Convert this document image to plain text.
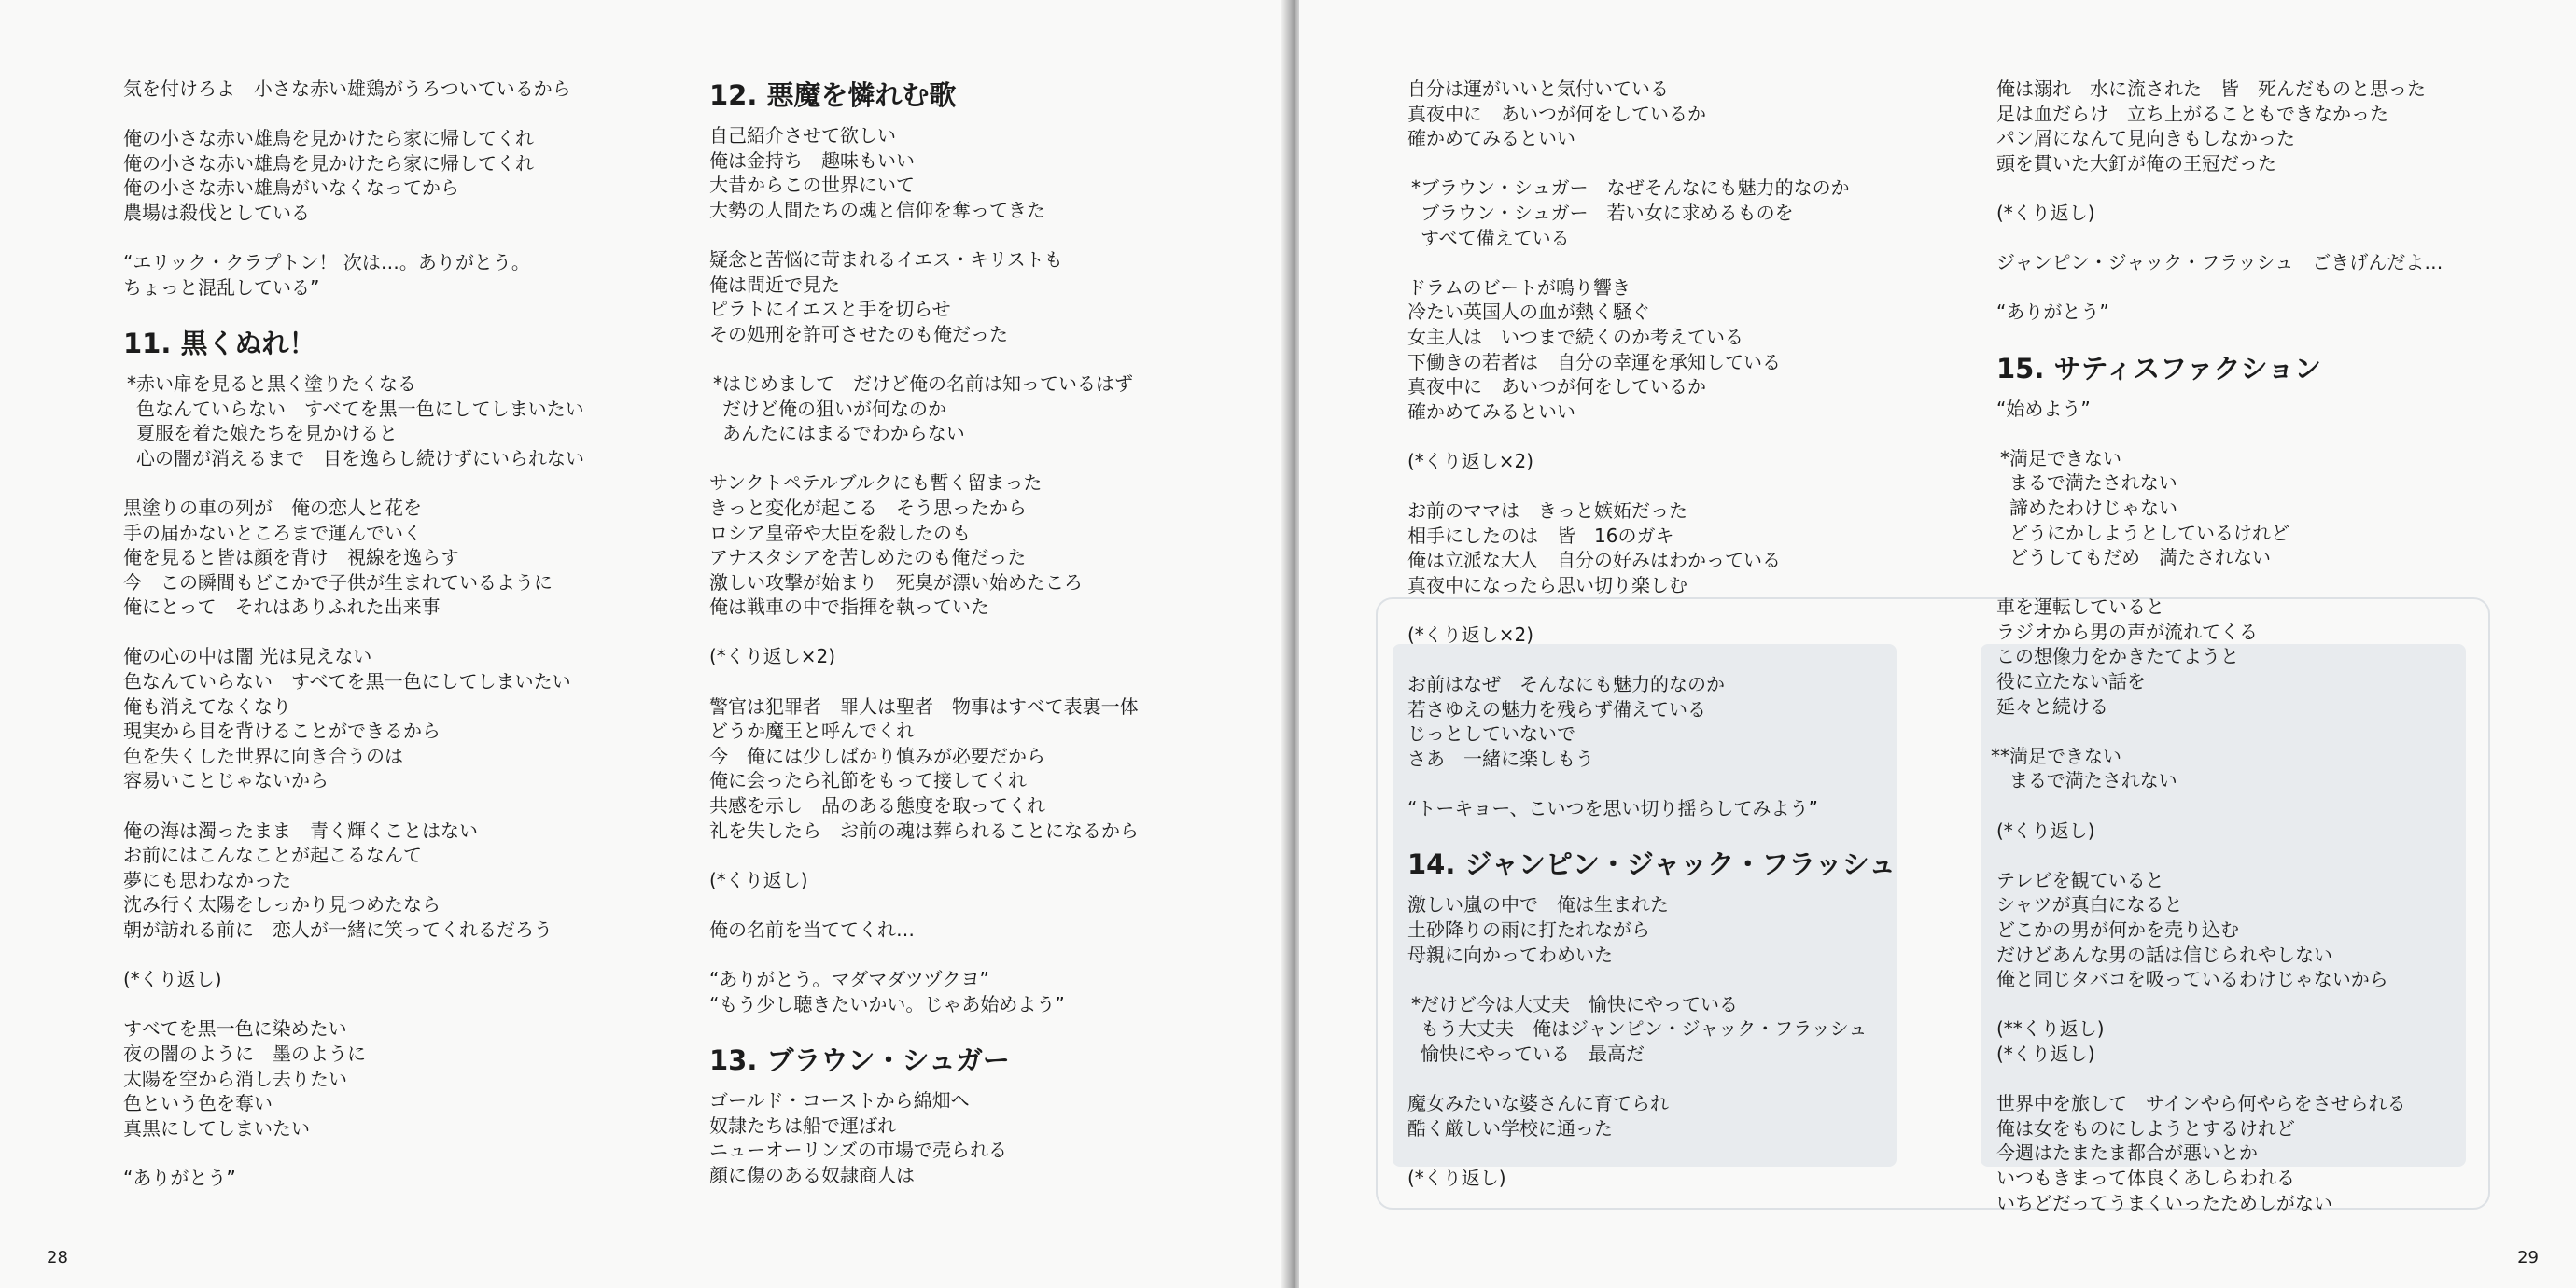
気を付けろよ　小さな赤い雄鶏がうろついているから
俺の小さな赤い雄鳥を見かけたら家に帰してくれ
俺の小さな赤い雄鳥を見かけたら家に帰してくれ
俺の小さな赤い雄鳥がいなくなってから
農場は殺伐としている
“エリック・クラプトン！ 次は…。ありがとう。
ちょっと混乱している”
11. 黒くぬれ！
* 赤い扉を見ると黒く塗りたくなる
色なんていらない　すべてを黒一色にしてしまいたい
夏服を着た娘たちを見かけると
心の闇が消えるまで　目を逸らし続けずにいられない
黒塗りの車の列が　俺の恋人と花を
手の届かないところまで運んでいく
俺を見ると皆は顔を背け　視線を逸らす
今　この瞬間もどこかで子供が生まれているように
俺にとって　それはありふれた出来事
俺の心の中は闇 光は見えない
色なんていらない　すべてを黒一色にしてしまいたい
俺も消えてなくなり
現実から目を背けることができるから
色を失くした世界に向き合うのは
容易いことじゃないから
俺の海は濁ったまま　青く輝くことはない
お前にはこんなことが起こるなんて
夢にも思わなかった
沈み行く太陽をしっかり見つめたなら
朝が訪れる前に　恋人が一緒に笑ってくれるだろう
(*くり返し)
すべてを黒一色に染めたい
夜の闇のように　墨のように
太陽を空から消し去りたい
色という色を奪い
真黒にしてしまいたい
“ありがとう”
12. 悪魔を憐れむ歌
自己紹介させて欲しい
俺は金持ち　趣味もいい
大昔からこの世界にいて
大勢の人間たちの魂と信仰を奪ってきた
疑念と苦悩に苛まれるイエス・キリストも
俺は間近で見た
ピラトにイエスと手を切らせ
その処刑を許可させたのも俺だった
* はじめまして　だけど俺の名前は知っているはず
だけど俺の狙いが何なのか
あんたにはまるでわからない
サンクトペテルブルクにも暫く留まった
きっと変化が起こる　そう思ったから
ロシア皇帝や大臣を殺したのも
アナスタシアを苦しめたのも俺だった
激しい攻撃が始まり　死臭が漂い始めたころ
俺は戦車の中で指揮を執っていた
(*くり返し×2)
警官は犯罪者　罪人は聖者　物事はすべて表裏一体
どうか魔王と呼んでくれ
今　俺には少しばかり慎みが必要だから
俺に会ったら礼節をもって接してくれ
共感を示し　品のある態度を取ってくれ
礼を失したら　お前の魂は葬られることになるから
(*くり返し)
俺の名前を当ててくれ…
“ありがとう。マダマダツヅクヨ”
“もう少し聴きたいかい。じゃあ始めよう”
13. ブラウン・シュガー
ゴールド・コーストから綿畑へ
奴隷たちは船で運ばれ
ニューオーリンズの市場で売られる
顔に傷のある奴隷商人は
28
自分は運がいいと気付いている
真夜中に　あいつが何をしているか
確かめてみるといい
* ブラウン・シュガー　なぜそんなにも魅力的なのか
ブラウン・シュガー　若い女に求めるものを
すべて備えている
ドラムのビートが鳴り響き
冷たい英国人の血が熱く騒ぐ
女主人は　いつまで続くのか考えている
下働きの若者は　自分の幸運を承知している
真夜中に　あいつが何をしているか
確かめてみるといい
(*くり返し×2)
お前のママは　きっと嫉妬だった
相手にしたのは　皆　16のガキ
俺は立派な大人　自分の好みはわかっている
真夜中になったら思い切り楽しむ
(*くり返し×2)
お前はなぜ　そんなにも魅力的なのか
若さゆえの魅力を残らず備えている
じっとしていないで
さあ　一緒に楽しもう
“トーキョー、こいつを思い切り揺らしてみよう”
14. ジャンピン・ジャック・フラッシュ
激しい嵐の中で　俺は生まれた
土砂降りの雨に打たれながら
母親に向かってわめいた
* だけど今は大丈夫　愉快にやっている
もう大丈夫　俺はジャンピン・ジャック・フラッシュ
愉快にやっている　最高だ
魔女みたいな婆さんに育てられ
酷く厳しい学校に通った
(*くり返し)
俺は溺れ　水に流された　皆　死んだものと思った
足は血だらけ　立ち上がることもできなかった
パン屑になんて見向きもしなかった
頭を貫いた大釘が俺の王冠だった
(*くり返し)
ジャンピン・ジャック・フラッシュ　ごきげんだよ…
“ありがとう”
15. サティスファクション
“始めよう”
* 満足できない
まるで満たされない
諦めたわけじゃない
どうにかしようとしているけれど
どうしてもだめ　満たされない
車を運転していると
ラジオから男の声が流れてくる
この想像力をかきたてようと
役に立たない話を
延々と続ける
** 満足できない
まるで満たされない
(*くり返し)
テレビを観ていると
シャツが真白になると
どこかの男が何かを売り込む
だけどあんな男の話は信じられやしない
俺と同じタバコを吸っているわけじゃないから
(**くり返し)
(*くり返し)
世界中を旅して　サインやら何やらをさせられる
俺は女をものにしようとするけれど
今週はたまたま都合が悪いとか
いつもきまって体良くあしらわれる
いちどだってうまくいったためしがない
29
